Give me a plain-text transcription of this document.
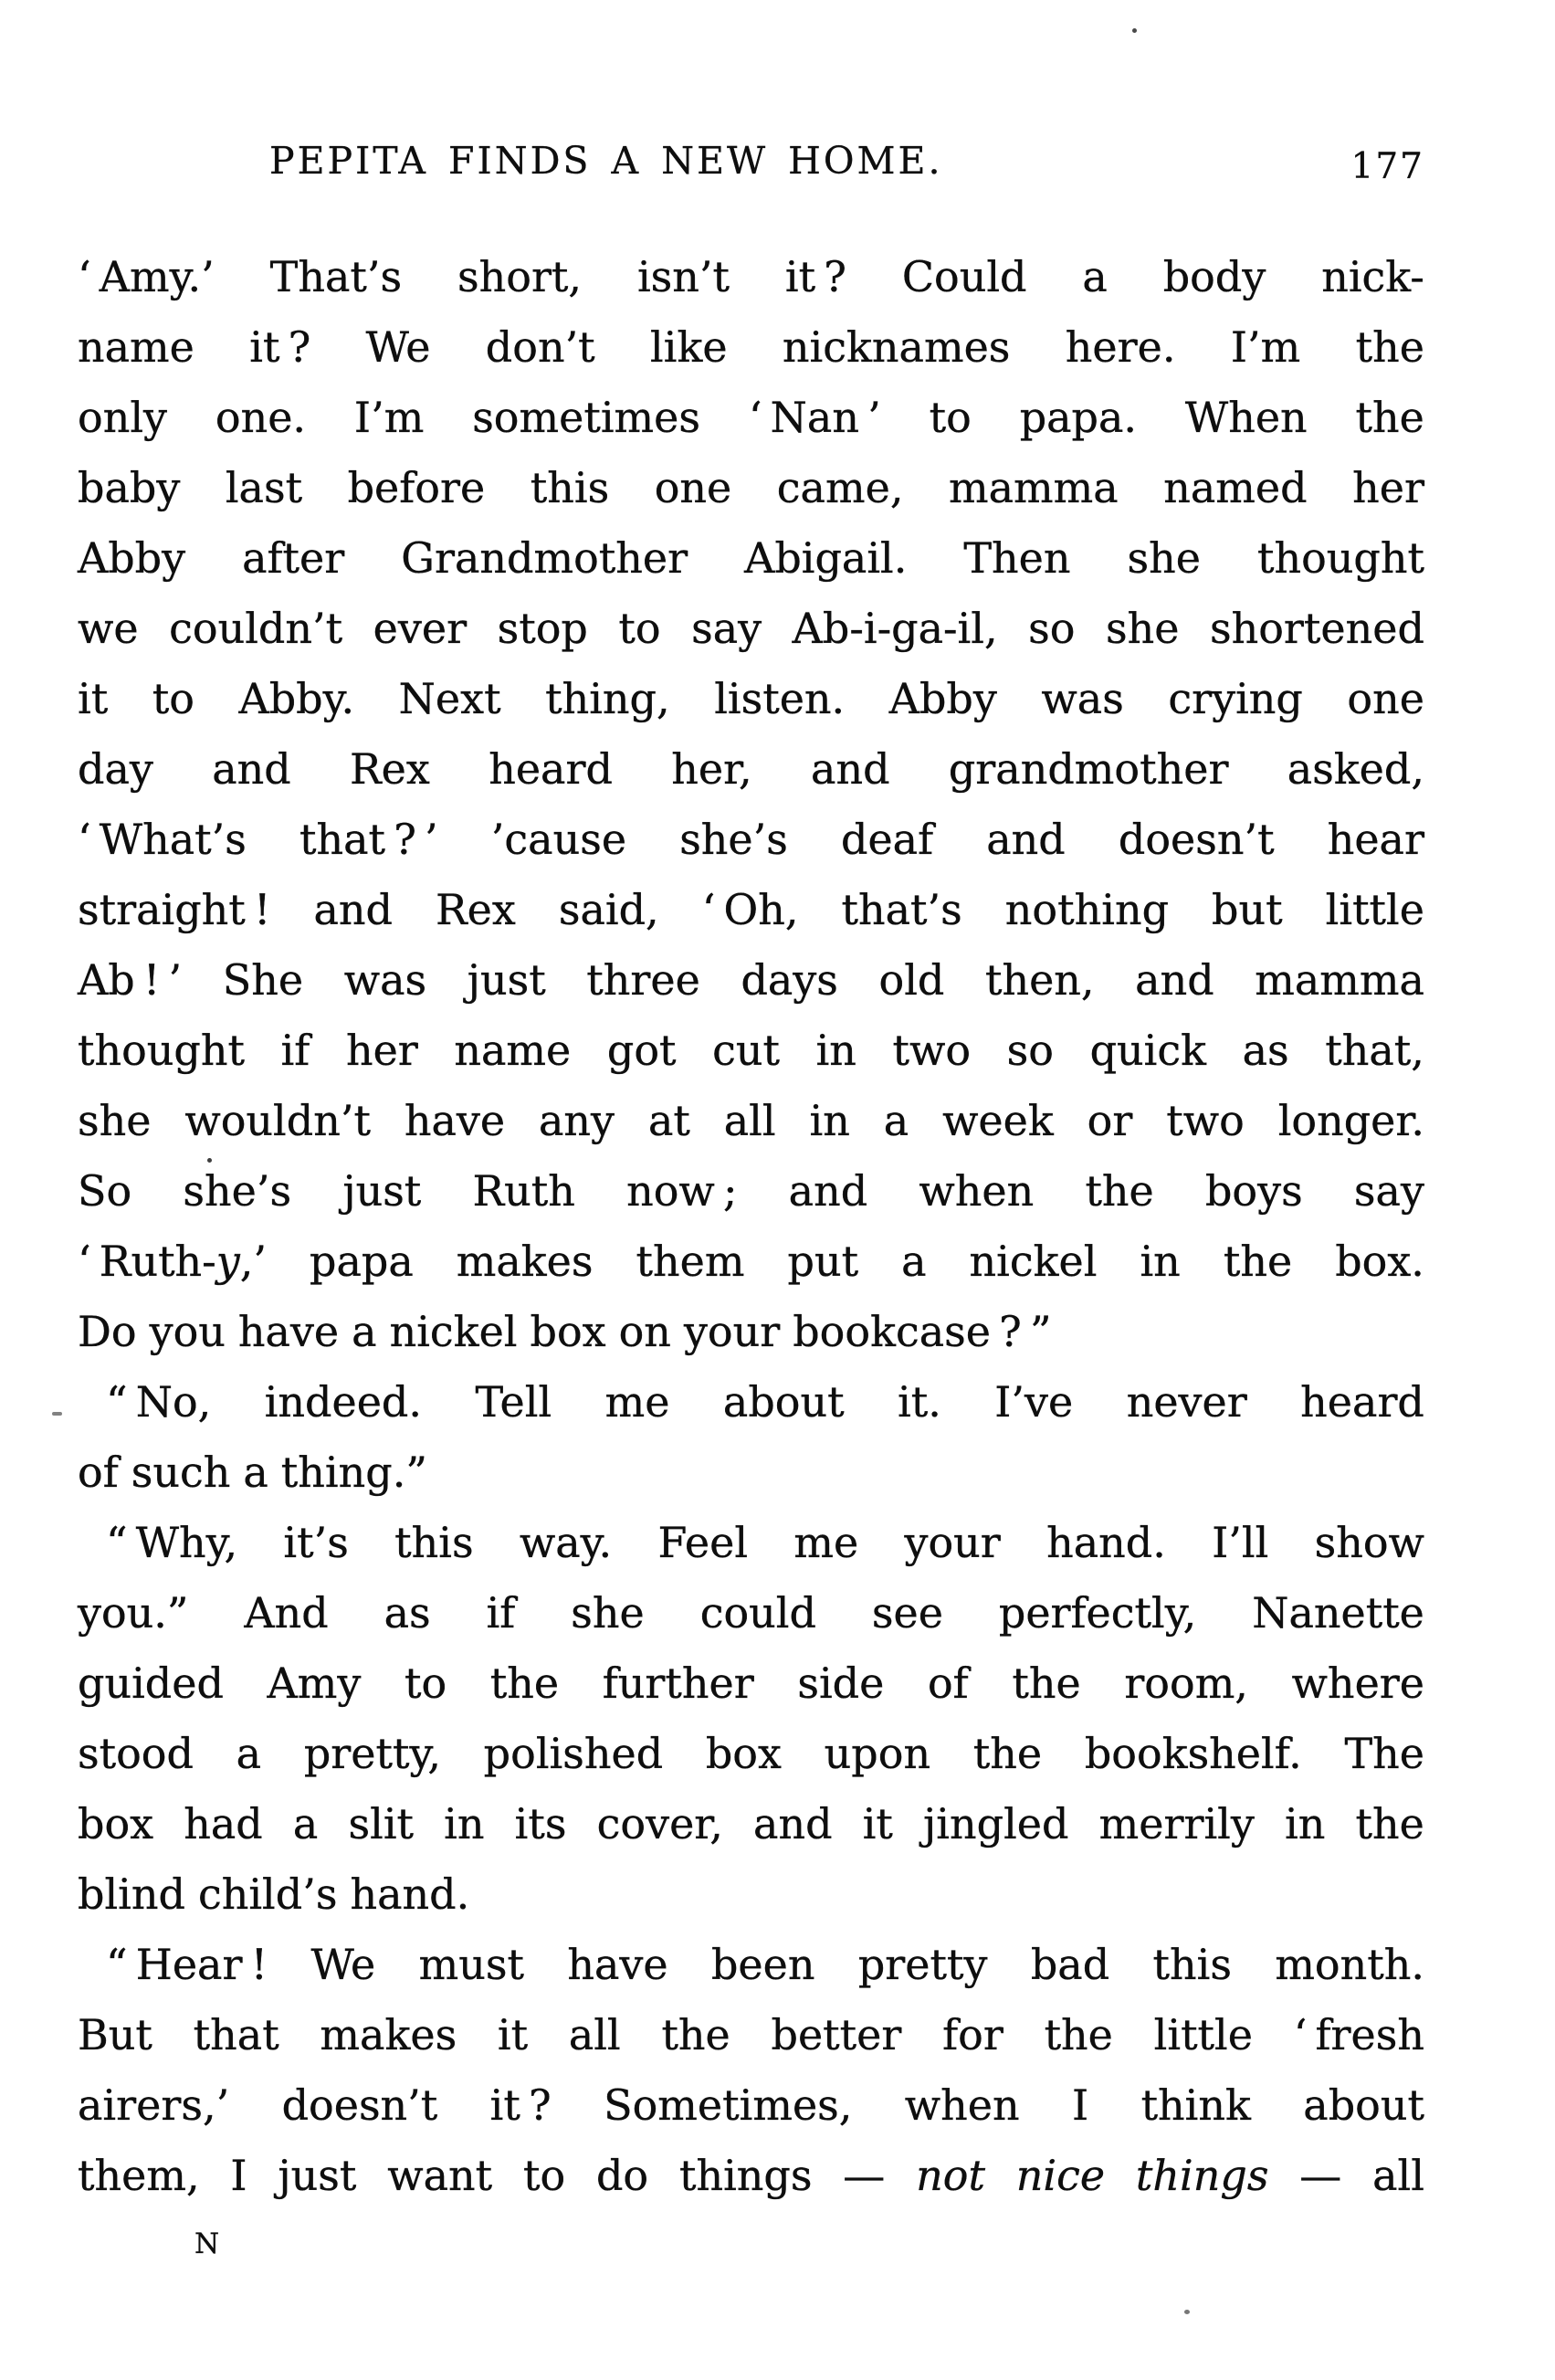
PEPITA FINDS A NEW HOME.	177
‘ Amy.’ That’s short, isn’t it ? Could a body nick-
name it ? We don’t like nicknames here. I’m the
only one. I’m sometimes ‘ Nan ’ to papa. When the
baby last before this one came, mamma named her
Abby after Grandmother Abigail. Then she thought
we couldn’t ever stop to say Ab-i-ga-il, so she shortened
it to Abby. Next thing, listen. Abby was crying one
day and Rex heard her, and grandmother asked,
‘ What’s that ? ’ ’cause she’s deaf and doesn’t hear
straight ! and Rex said, ‘ Oh, that’s nothing but little
Ab ! ’ She was just three days old then, and mamma
thought if her name got cut in two so quick as that,
she wouldn’t have any at all in a week or two longer.
So she’s just Ruth now ; and when the boys say
‘ Ruth-y,’ papa makes them put a nickel in the box.
Do you have a nickel box on your bookcase ? ”
“ No, indeed. Tell me about it. I’ve never heard
of such a thing.”
“ Why, it’s this way. Feel me your hand. I’ll show
you.” And as if she could see perfectly, Nanette
guided Amy to the further side of the room, where
stood a pretty, polished box upon the bookshelf. The
box had a slit in its cover, and it jingled merrily in the
blind child’s hand.
“ Hear ! We must have been pretty bad this month.
But that makes it all the better for the little ‘ fresh
airers,’ doesn’t it ? Sometimes, when I think about
them, I just want to do things — not nice things — all
N
